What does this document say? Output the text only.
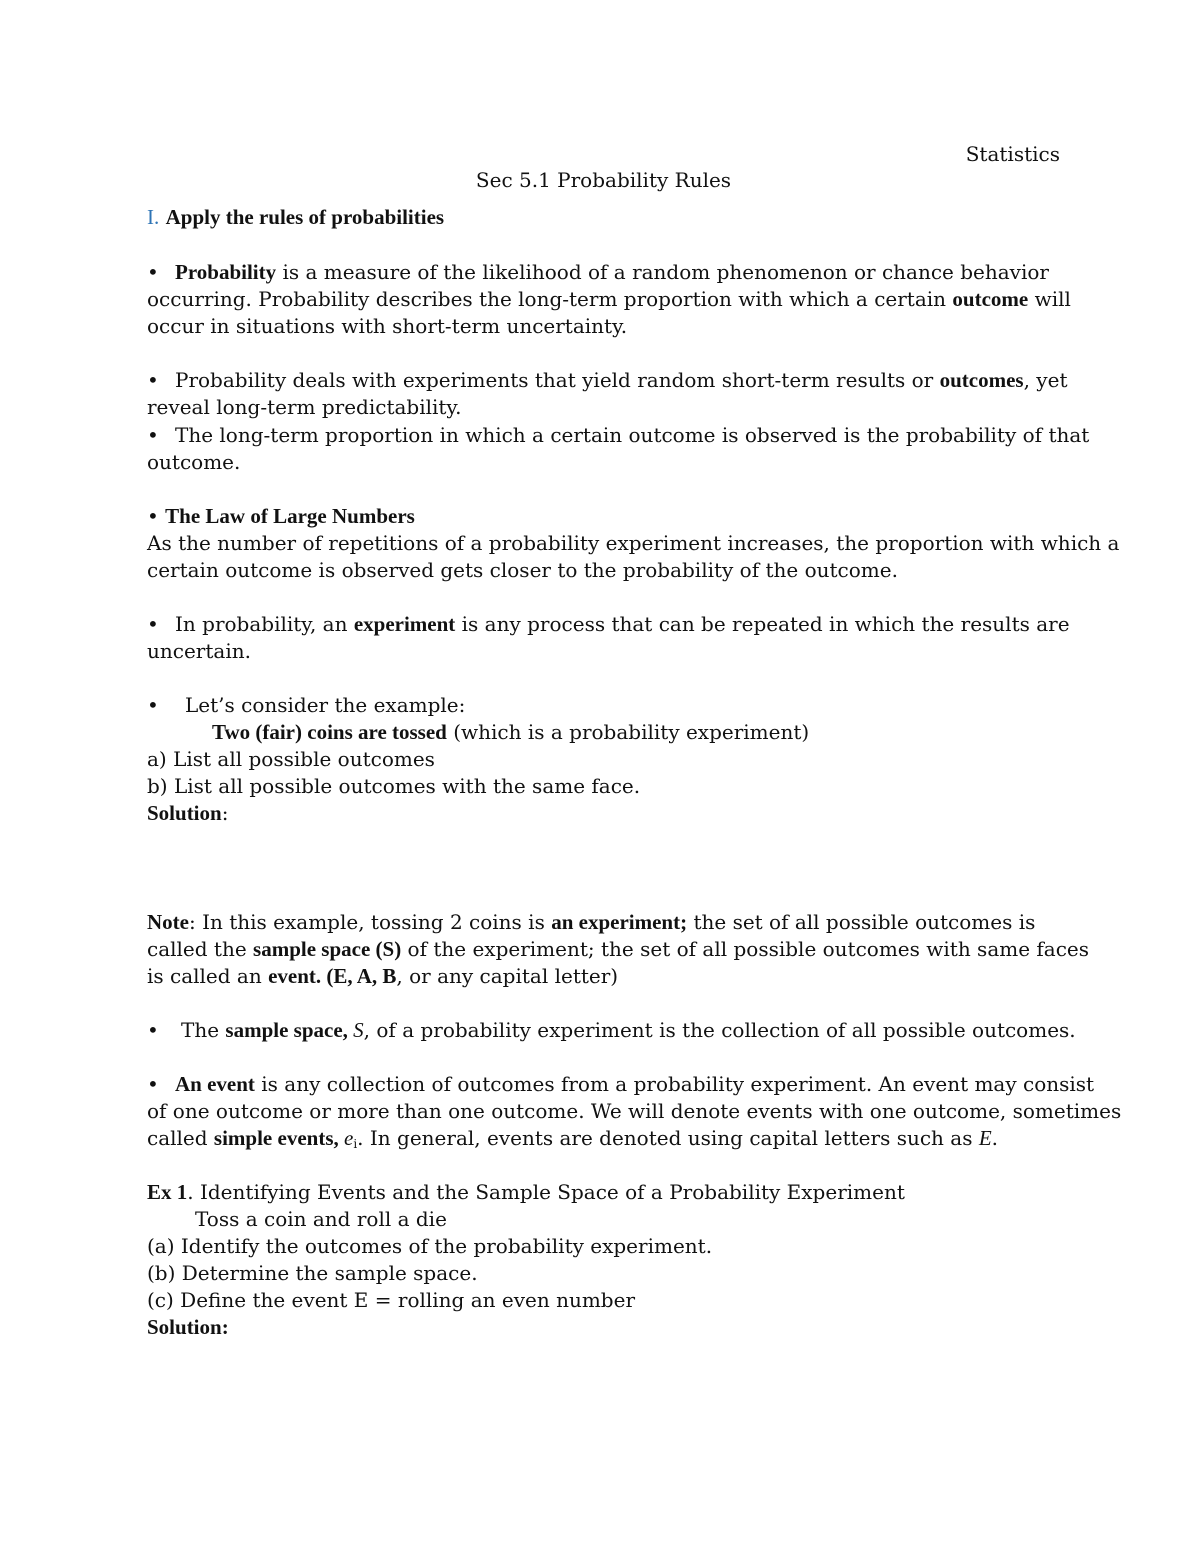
Statistics
Sec 5.1 Probability Rules
I. Apply the rules of probabilities
• Probability is a measure of the likelihood of a random phenomenon or chance behavior
occurring. Probability describes the long-term proportion with which a certain outcome will
occur in situations with short-term uncertainty.
• Probability deals with experiments that yield random short-term results or outcomes, yet
reveal long-term predictability.
• The long-term proportion in which a certain outcome is observed is the probability of that
outcome.
• The Law of Large Numbers
As the number of repetitions of a probability experiment increases, the proportion with which a
certain outcome is observed gets closer to the probability of the outcome.
• In probability, an experiment is any process that can be repeated in which the results are
uncertain.
• Let’s consider the example:
Two (fair) coins are tossed (which is a probability experiment)
a) List all possible outcomes
b) List all possible outcomes with the same face.
Solution:
Note: In this example, tossing 2 coins is an experiment; the set of all possible outcomes is
called the sample space (S) of the experiment; the set of all possible outcomes with same faces
is called an event. (E, A, B, or any capital letter)
• The sample space, S, of a probability experiment is the collection of all possible outcomes.
• An event is any collection of outcomes from a probability experiment. An event may consist
of one outcome or more than one outcome. We will denote events with one outcome, sometimes
called simple events, $e_i$. In general, events are denoted using capital letters such as E.
Ex 1. Identifying Events and the Sample Space of a Probability Experiment
Toss a coin and roll a die
(a) Identify the outcomes of the probability experiment.
(b) Determine the sample space.
(c) Define the event E = rolling an even number
Solution:
